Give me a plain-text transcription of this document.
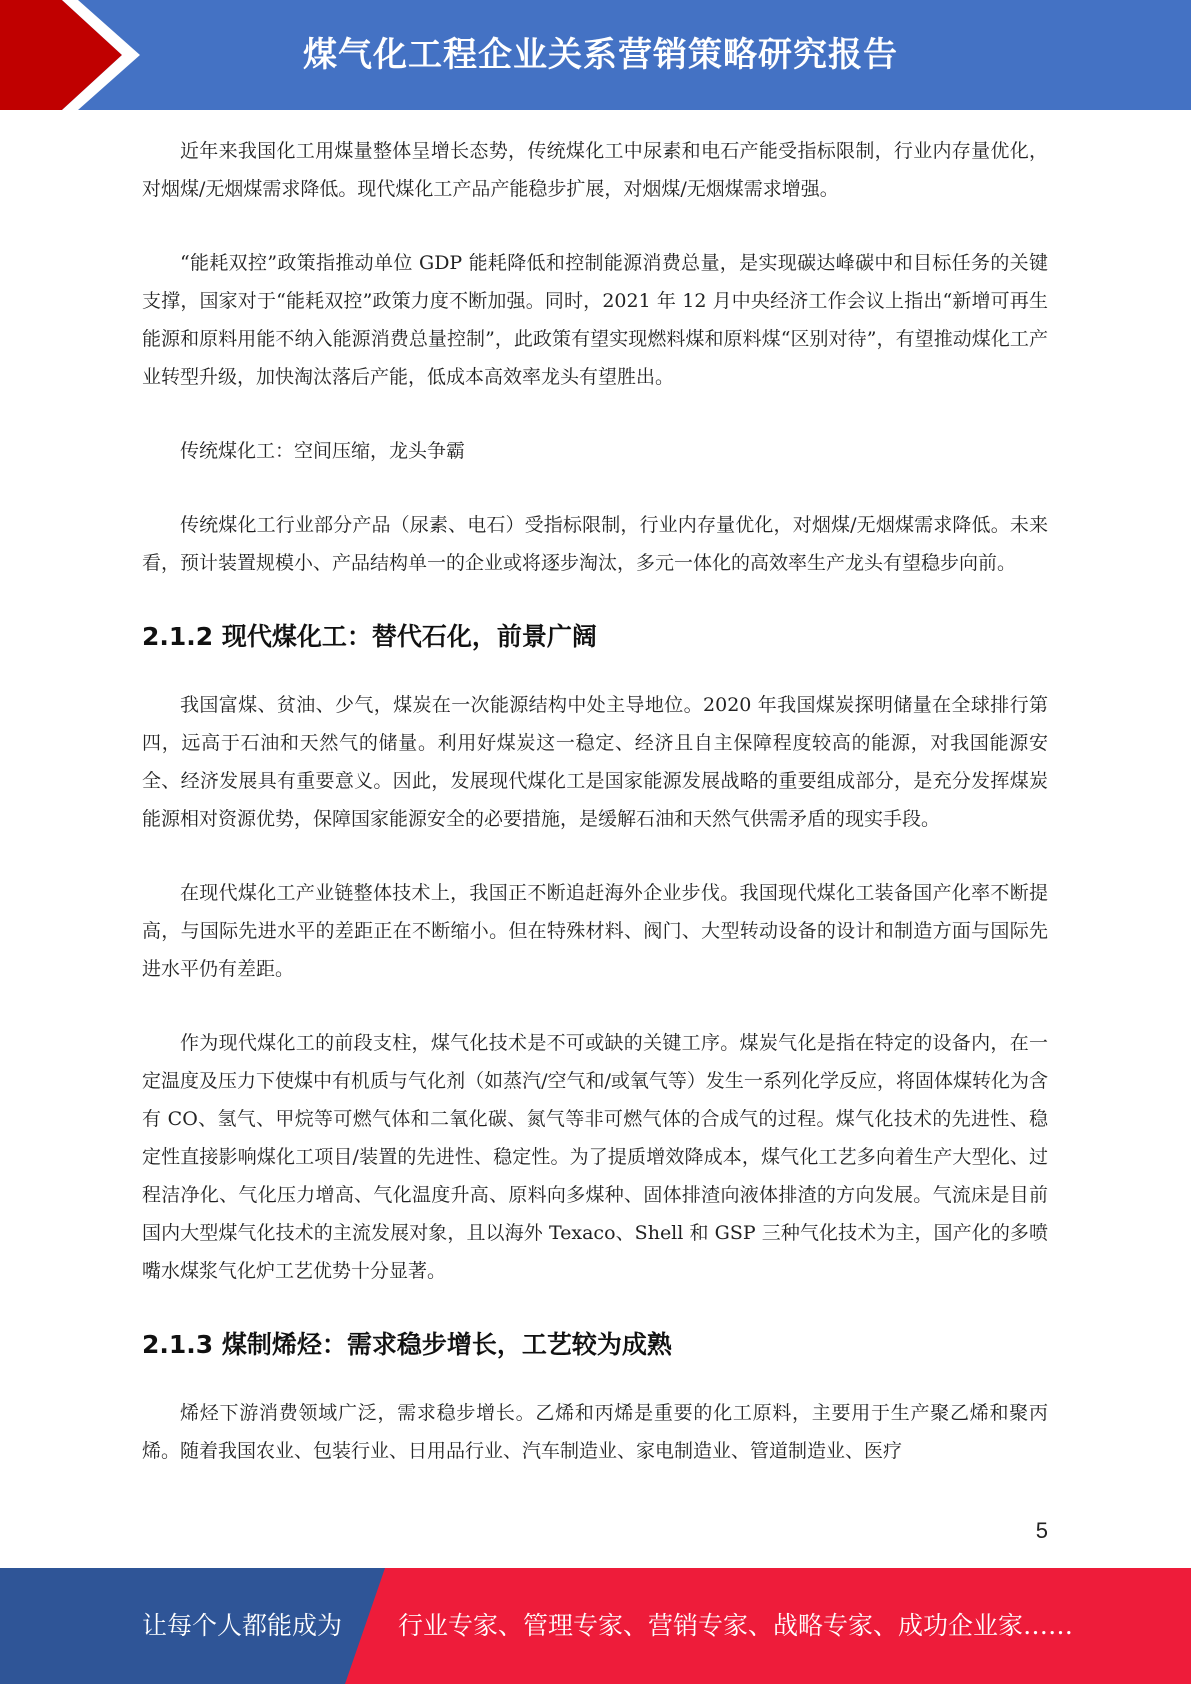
煤气化工程企业关系营销策略研究报告

近年来我国化工用煤量整体呈增长态势，传统煤化工中尿素和电石产能受指标限制，行业内存量优化，对烟煤/无烟煤需求降低。现代煤化工产品产能稳步扩展，对烟煤/无烟煤需求增强。

“能耗双控”政策指推动单位 GDP 能耗降低和控制能源消费总量，是实现碳达峰碳中和目标任务的关键支撑，国家对于“能耗双控”政策力度不断加强。同时，2021 年 12 月中央经济工作会议上指出“新增可再生能源和原料用能不纳入能源消费总量控制”，此政策有望实现燃料煤和原料煤“区别对待”，有望推动煤化工产业转型升级，加快淘汰落后产能，低成本高效率龙头有望胜出。

传统煤化工：空间压缩，龙头争霸

传统煤化工行业部分产品（尿素、电石）受指标限制，行业内存量优化，对烟煤/无烟煤需求降低。未来看，预计装置规模小、产品结构单一的企业或将逐步淘汰，多元一体化的高效率生产龙头有望稳步向前。

2.1.2 现代煤化工：替代石化，前景广阔

我国富煤、贫油、少气，煤炭在一次能源结构中处主导地位。2020 年我国煤炭探明储量在全球排行第四，远高于石油和天然气的储量。利用好煤炭这一稳定、经济且自主保障程度较高的能源，对我国能源安全、经济发展具有重要意义。因此，发展现代煤化工是国家能源发展战略的重要组成部分，是充分发挥煤炭能源相对资源优势，保障国家能源安全的必要措施，是缓解石油和天然气供需矛盾的现实手段。

在现代煤化工产业链整体技术上，我国正不断追赶海外企业步伐。我国现代煤化工装备国产化率不断提高，与国际先进水平的差距正在不断缩小。但在特殊材料、阀门、大型转动设备的设计和制造方面与国际先进水平仍有差距。

作为现代煤化工的前段支柱，煤气化技术是不可或缺的关键工序。煤炭气化是指在特定的设备内，在一定温度及压力下使煤中有机质与气化剂（如蒸汽/空气和/或氧气等）发生一系列化学反应，将固体煤转化为含有 CO、氢气、甲烷等可燃气体和二氧化碳、氮气等非可燃气体的合成气的过程。煤气化技术的先进性、稳定性直接影响煤化工项目/装置的先进性、稳定性。为了提质增效降成本，煤气化工艺多向着生产大型化、过程洁净化、气化压力增高、气化温度升高、原料向多煤种、固体排渣向液体排渣的方向发展。气流床是目前国内大型煤气化技术的主流发展对象，且以海外 Texaco、Shell 和 GSP 三种气化技术为主，国产化的多喷嘴水煤浆气化炉工艺优势十分显著。

2.1.3 煤制烯烃：需求稳步增长，工艺较为成熟

烯烃下游消费领域广泛，需求稳步增长。乙烯和丙烯是重要的化工原料，主要用于生产聚乙烯和聚丙烯。随着我国农业、包装行业、日用品行业、汽车制造业、家电制造业、管道制造业、医疗

5
让每个人都能成为 行业专家、管理专家、营销专家、战略专家、成功企业家……
